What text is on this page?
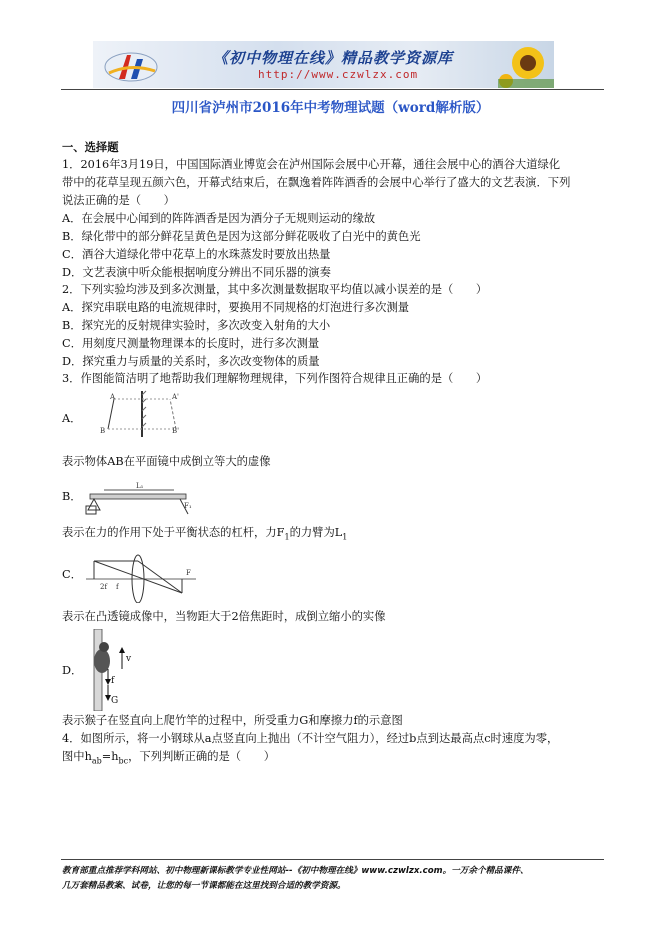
《初中物理在线》精品教学资源库
http://www.czwlzx.com
四川省泸州市2016年中考物理试题（word解析版）
一、选择题
1．2016年3月19日，中国国际酒业博览会在泸州国际会展中心开幕，通往会展中心的酒谷大道绿化
带中的花草呈现五颜六色，开幕式结束后，在飘逸着阵阵酒香的会展中心举行了盛大的文艺表演．下列
说法正确的是（　　）
A．在会展中心闻到的阵阵酒香是因为酒分子无规则运动的缘故
B．绿化带中的部分鲜花呈黄色是因为这部分鲜花吸收了白光中的黄色光
C．酒谷大道绿化带中花草上的水珠蒸发时要放出热量
D．文艺表演中听众能根据响度分辨出不同乐器的演奏
2．下列实验均涉及到多次测量，其中多次测量数据取平均值以减小误差的是（　　）
A．探究串联电路的电流规律时，要换用不同规格的灯泡进行多次测量
B．探究光的反射规律实验时，多次改变入射角的大小
C．用刻度尺测量物理课本的长度时，进行多次测量
D．探究重力与质量的关系时，多次改变物体的质量
3．作图能简洁明了地帮助我们理解物理规律，下列作图符合规律且正确的是（　　）
A．
A
B	B'
A'
表示物体AB在平面镜中成倒立等大的虚像
B．
L₁
F₁
表示在力的作用下处于平衡状态的杠杆，力$F_1$的力臂为$L_1$
C．
2f f
F
表示在凸透镜成像中，当物距大于2倍焦距时，成倒立缩小的实像
D．
v
f
G
表示猴子在竖直向上爬竹竿的过程中，所受重力G和摩擦力f的示意图
4．如图所示，将一小钢球从a点竖直向上抛出（不计空气阻力），经过b点到达最高点c时速度为零，
图中$h_{ab}=h_{bc}$，下列判断正确的是（　　）
教育部重点推荐学科网站、初中物理新课标教学专业性网站--《初中物理在线》www.czwlzx.com。一万余个精品课件、
几万套精品教案、试卷，让您的每一节课都能在这里找到合适的教学资源。
